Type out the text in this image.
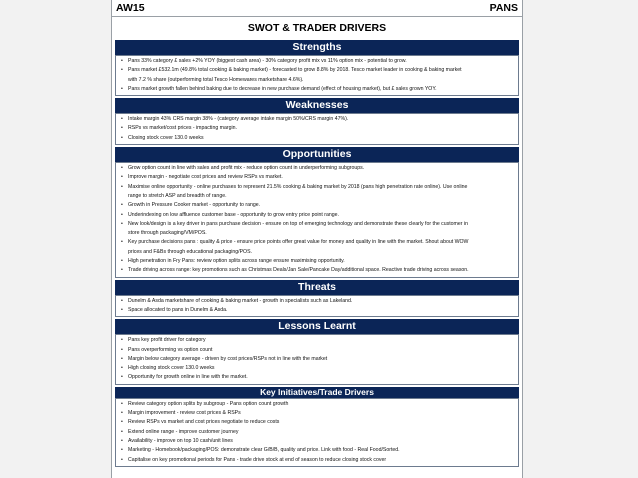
AW15	PANS
SWOT & TRADER DRIVERS
Strengths
• Pans 33% category £ sales +2% YOY (biggest cash area) - 30% category profit mix vs 11% option mix - potential to grow.
• Pans market £532.1m (49.8% total cooking & baking market) - forecasted to grow 8.8% by 2018. Tesco market leader in cooking & baking market
with 7.2 % share (outperforming total Tesco Homewares marketshare 4.6%).
• Pans market growth fallen behind baking due to decrease in new purchase demand (effect of housing market), but £ sales grown YOY.
Weaknesses
• Intake margin 43% CRS margin 38% - (category average intake margin 50%/CRS margin 47%).
• RSPs vs market/cost prices - impacting margin.
• Closing stock cover 130.0 weeks
Opportunities
• Grow option count in line with sales and profit mix - reduce option count in underperforming subgroups.
• Improve margin - negotiate cost prices and review RSPs vs market.
• Maximise online opportunity - online purchases to represent 21.5% cooking & baking market by 2018 (pans high penetration rate online). Use online
range to stretch ASP and breadth of range.
• Growth in Pressure Cooker market - opportunity to range.
• Underindexing on low affluence customer base - opportunity to grow entry price point range.
• New look/design is a key driver in pans purchase decision - ensure on top of emerging technology and demonstrate these clearly for the customer in
store through packaging/VM/POS.
• Key purchase decisions pans : quality & price - ensure price points offer great value for money and quality in line with the market. Shout about WOW
prices and F&Bs through educational packaging/POS.
• High penetration in Fry Pans: review option splits across range ensure maximising opportunity.
• Trade driving across range: key promotions such as Christmas Deals/Jan Sale/Pancake Day/additional space. Reactive trade driving across season.
Threats
• Dunelm & Asda marketshare of cooking & baking market - growth in specialists such as Lakeland.
• Space allocated to pans in Dunelm & Asda.
Lessons Learnt
• Pans key profit driver for category
• Pans overperforming vs option count
• Margin below category average - driven by cost prices/RSPs not in line with the market
• High closing stock cover 130.0 weeks
• Opportunity for growth online in line with the market.
Key Initiatives/Trade Drivers
• Review category option splits by subgroup - Pans option count growth
• Margin improvement - review cost prices & RSPs
• Review RSPs vs market and cost prices negotiate to reduce costs
• Extend online range - improve customer journey
• Availability - improve on top 10 cash/unit lines
• Marketing - Homebook/packaging/POS: demonstrate clear G/B/B, quality and price. Link with food - Real Food/Sorted.
• Capitalise on key promotional periods for Pans - trade drive stock at end of season to reduce closing stock cover
